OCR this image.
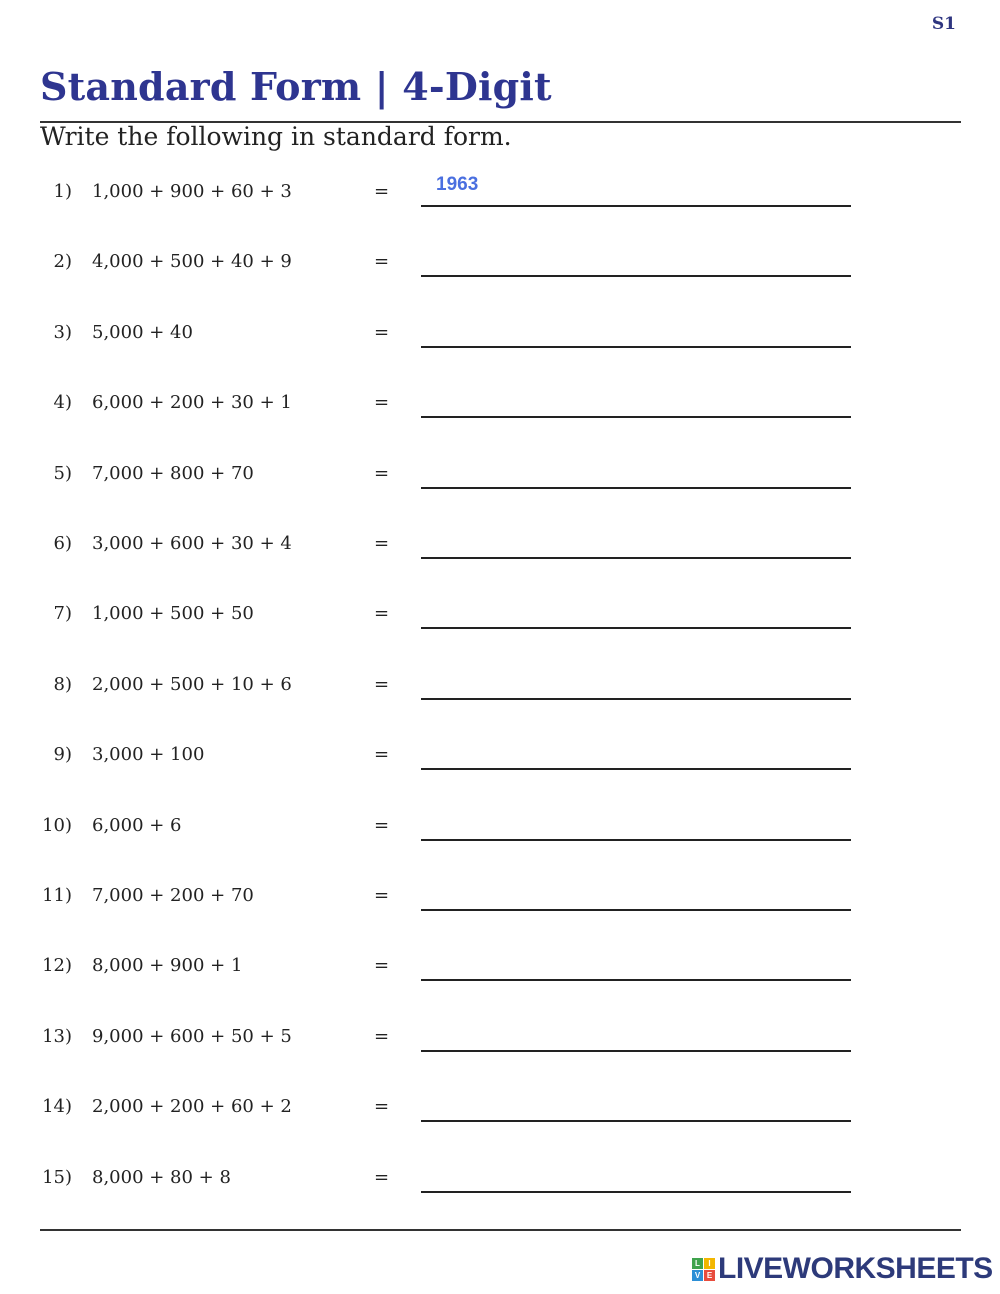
S1
Standard Form | 4-Digit
Write the following in standard form.
1) 1,000 + 900 + 60 + 3	=
1963
2) 4,000 + 500 + 40 + 9	=
3) 5,000 + 40	=
4) 6,000 + 200 + 30 + 1	=
5) 7,000 + 800 + 70	=
6) 3,000 + 600 + 30 + 4	=
7) 1,000 + 500 + 50	=
8) 2,000 + 500 + 10 + 6	=
9) 3,000 + 100	=
10) 6,000 + 6	=
11) 7,000 + 200 + 70	=
12) 8,000 + 900 + 1	=
13) 9,000 + 600 + 50 + 5	=
14) 2,000 + 200 + 60 + 2	=
15) 8,000 + 80 + 8	=
L	I
V E LIVEWORKSHEETS
